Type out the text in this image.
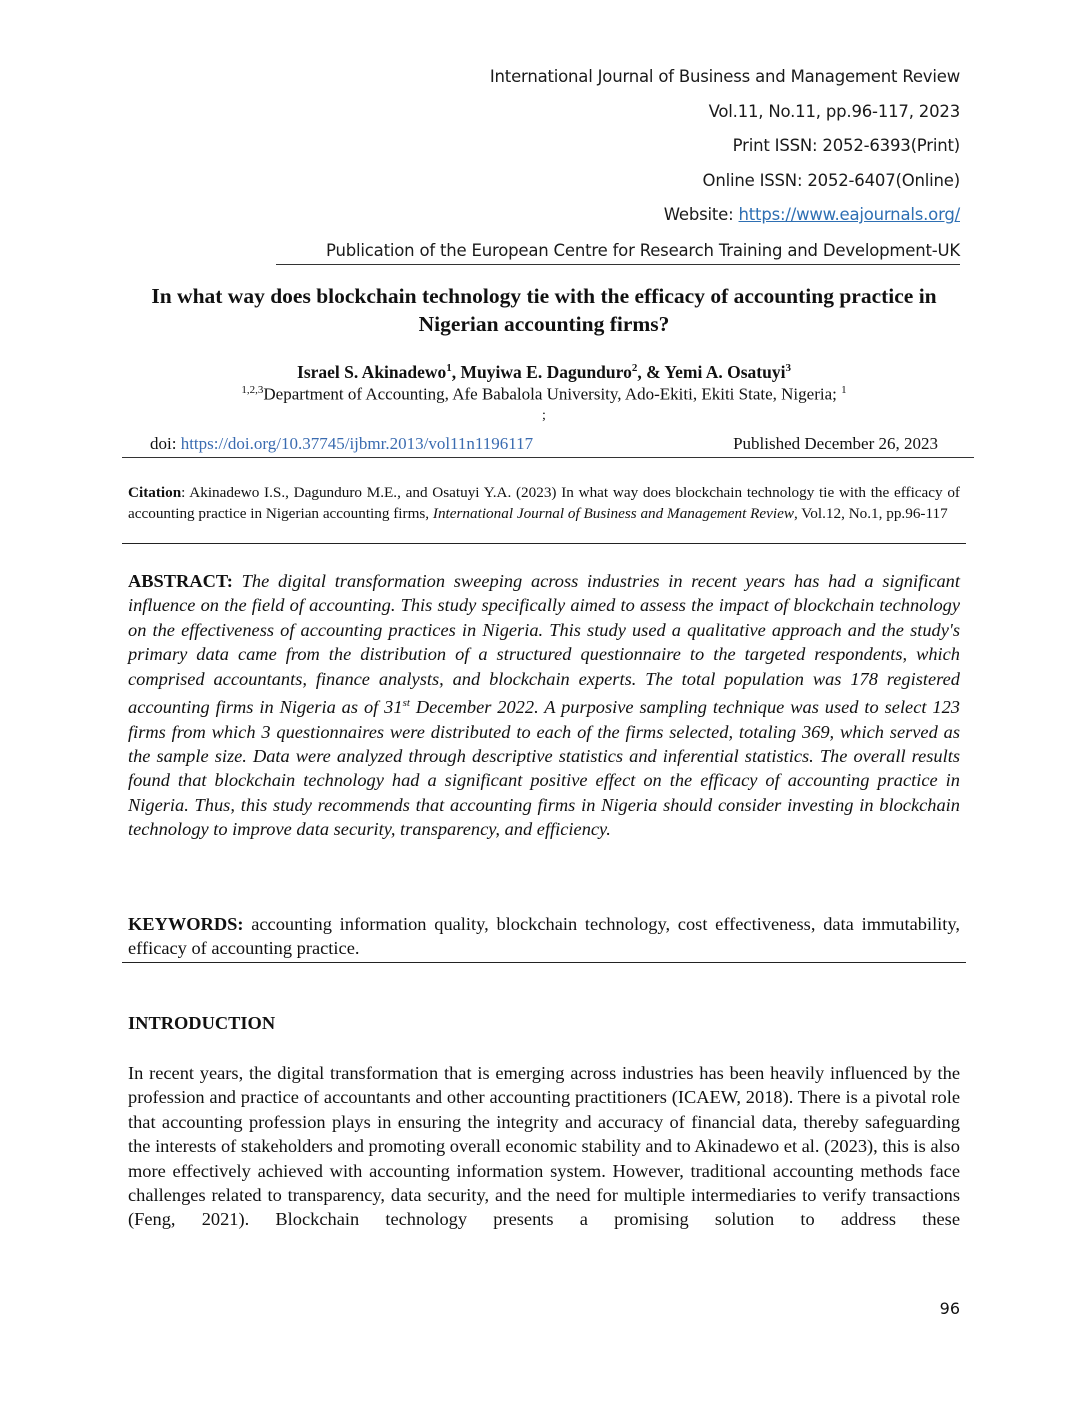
International Journal of Business and Management Review
Vol.11, No.11, pp.96-117, 2023
Print ISSN: 2052-6393(Print)
Online ISSN: 2052-6407(Online)
Website: https://www.eajournals.org/
Publication of the European Centre for Research Training and Development-UK
In what way does blockchain technology tie with the efficacy of accounting practice in Nigerian accounting firms?
Israel S. Akinadewo$^1$, Muyiwa E. Dagunduro$^2$, & Yemi A. Osatuyi$^3$
$^{1,2,3}$Department of Accounting, Afe Babalola University, Ado-Ekiti, Ekiti State, Nigeria; $^1$
;
doi: https://doi.org/10.37745/ijbmr.2013/vol11n1196117	Published December 26, 2023
Citation: Akinadewo I.S., Dagunduro M.E., and Osatuyi Y.A. (2023) In what way does blockchain technology tie with the efficacy of accounting practice in Nigerian accounting firms, International Journal of Business and Management Review, Vol.12, No.1, pp.96-117
ABSTRACT: The digital transformation sweeping across industries in recent years has had a significant influence on the field of accounting. This study specifically aimed to assess the impact of blockchain technology on the effectiveness of accounting practices in Nigeria. This study used a qualitative approach and the study's primary data came from the distribution of a structured questionnaire to the targeted respondents, which comprised accountants, finance analysts, and blockchain experts. The total population was 178 registered accounting firms in Nigeria as of 31st December 2022. A purposive sampling technique was used to select 123 firms from which 3 questionnaires were distributed to each of the firms selected, totaling 369, which served as the sample size. Data were analyzed through descriptive statistics and inferential statistics. The overall results found that blockchain technology had a significant positive effect on the efficacy of accounting practice in Nigeria. Thus, this study recommends that accounting firms in Nigeria should consider investing in blockchain technology to improve data security, transparency, and efficiency.
KEYWORDS: accounting information quality, blockchain technology, cost effectiveness, data immutability, efficacy of accounting practice.
INTRODUCTION
In recent years, the digital transformation that is emerging across industries has been heavily influenced by the profession and practice of accountants and other accounting practitioners (ICAEW, 2018). There is a pivotal role that accounting profession plays in ensuring the integrity and accuracy of financial data, thereby safeguarding the interests of stakeholders and promoting overall economic stability and to Akinadewo et al. (2023), this is also more effectively achieved with accounting information system. However, traditional accounting methods face challenges related to transparency, data security, and the need for multiple intermediaries to verify transactions (Feng, 2021). Blockchain technology presents a promising solution to address these
96
